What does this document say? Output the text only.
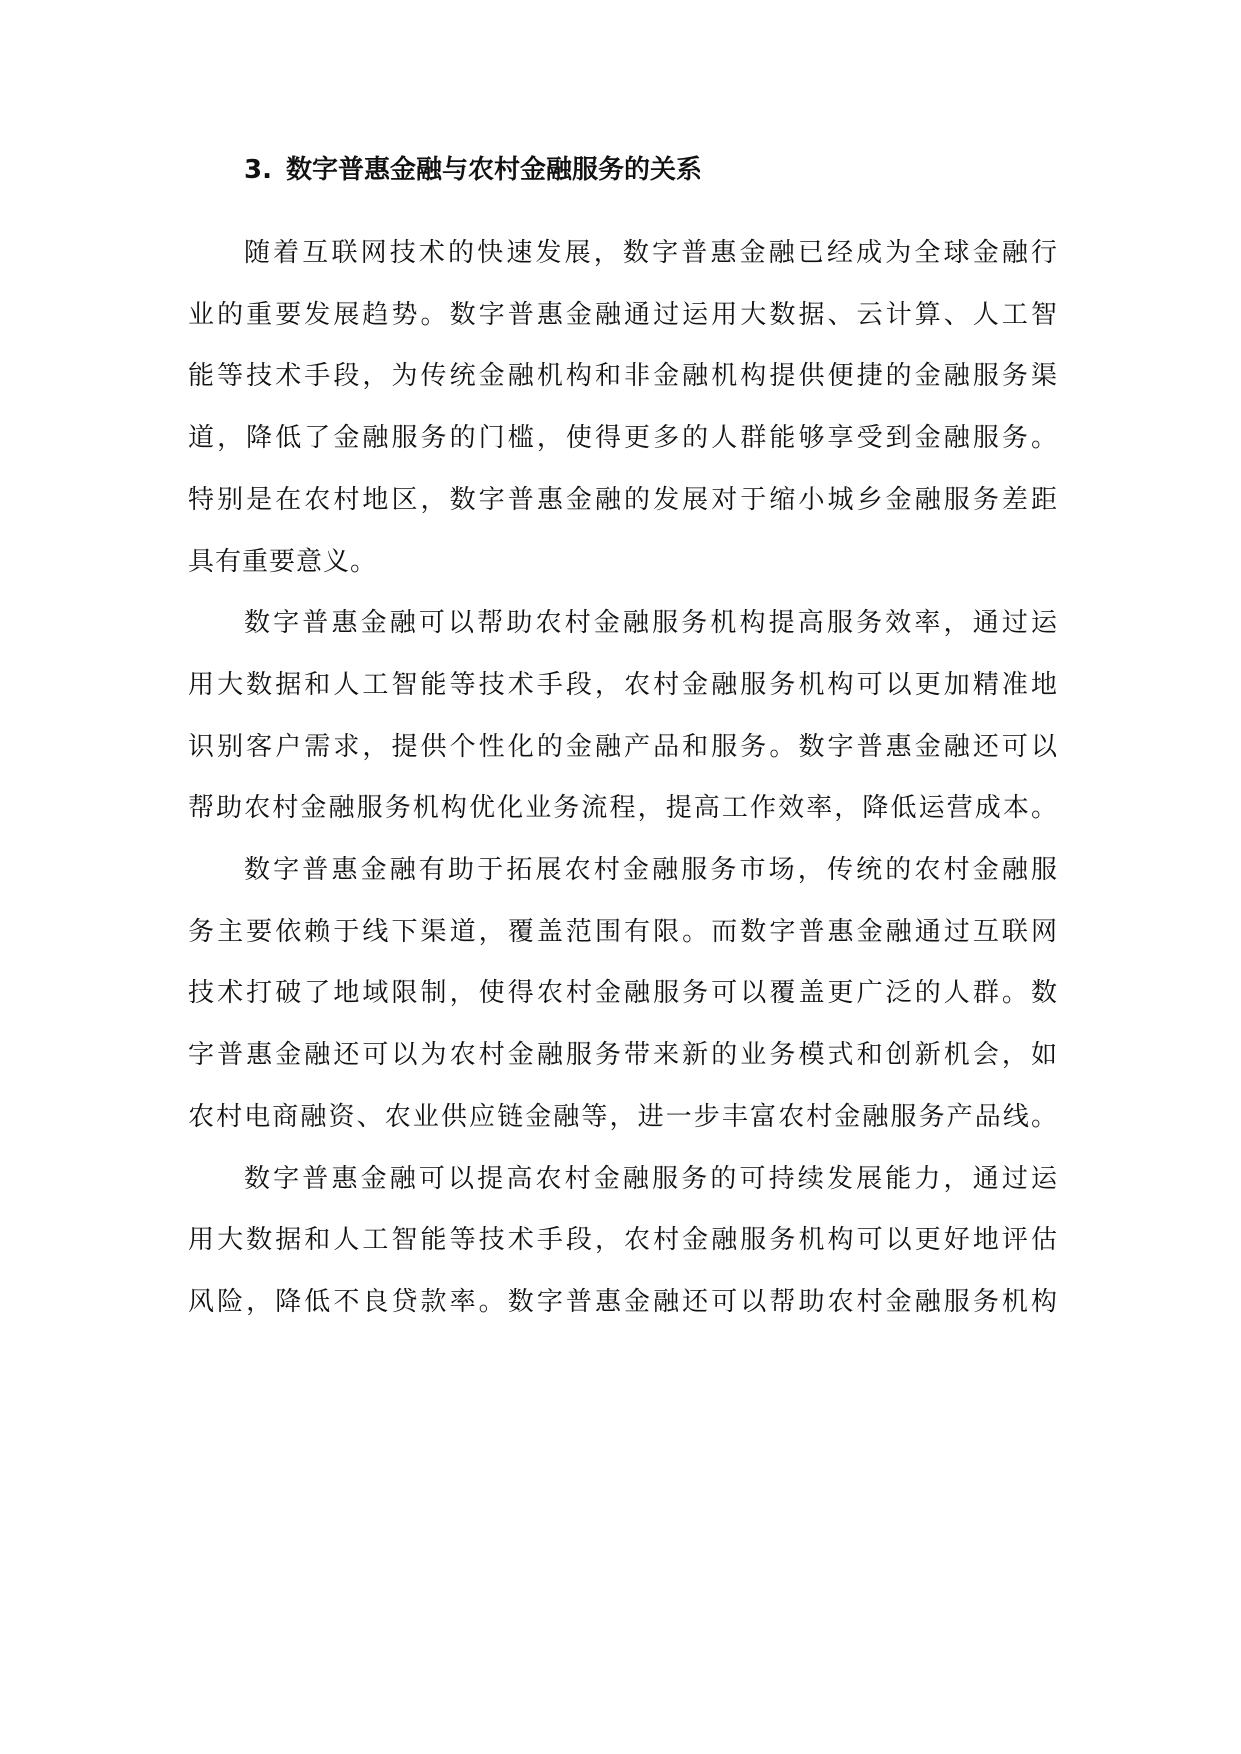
3. 数字普惠金融与农村金融服务的关系
随着互联网技术的快速发展，数字普惠金融已经成为全球金融行
业的重要发展趋势。数字普惠金融通过运用大数据、云计算、人工智
能等技术手段，为传统金融机构和非金融机构提供便捷的金融服务渠
道，降低了金融服务的门槛，使得更多的人群能够享受到金融服务。
特别是在农村地区，数字普惠金融的发展对于缩小城乡金融服务差距
具有重要意义。
数字普惠金融可以帮助农村金融服务机构提高服务效率，通过运
用大数据和人工智能等技术手段，农村金融服务机构可以更加精准地
识别客户需求，提供个性化的金融产品和服务。数字普惠金融还可以
帮助农村金融服务机构优化业务流程，提高工作效率，降低运营成本。
数字普惠金融有助于拓展农村金融服务市场，传统的农村金融服
务主要依赖于线下渠道，覆盖范围有限。而数字普惠金融通过互联网
技术打破了地域限制，使得农村金融服务可以覆盖更广泛的人群。数
字普惠金融还可以为农村金融服务带来新的业务模式和创新机会，如
农村电商融资、农业供应链金融等，进一步丰富农村金融服务产品线。
数字普惠金融可以提高农村金融服务的可持续发展能力，通过运
用大数据和人工智能等技术手段，农村金融服务机构可以更好地评估
风险，降低不良贷款率。数字普惠金融还可以帮助农村金融服务机构
